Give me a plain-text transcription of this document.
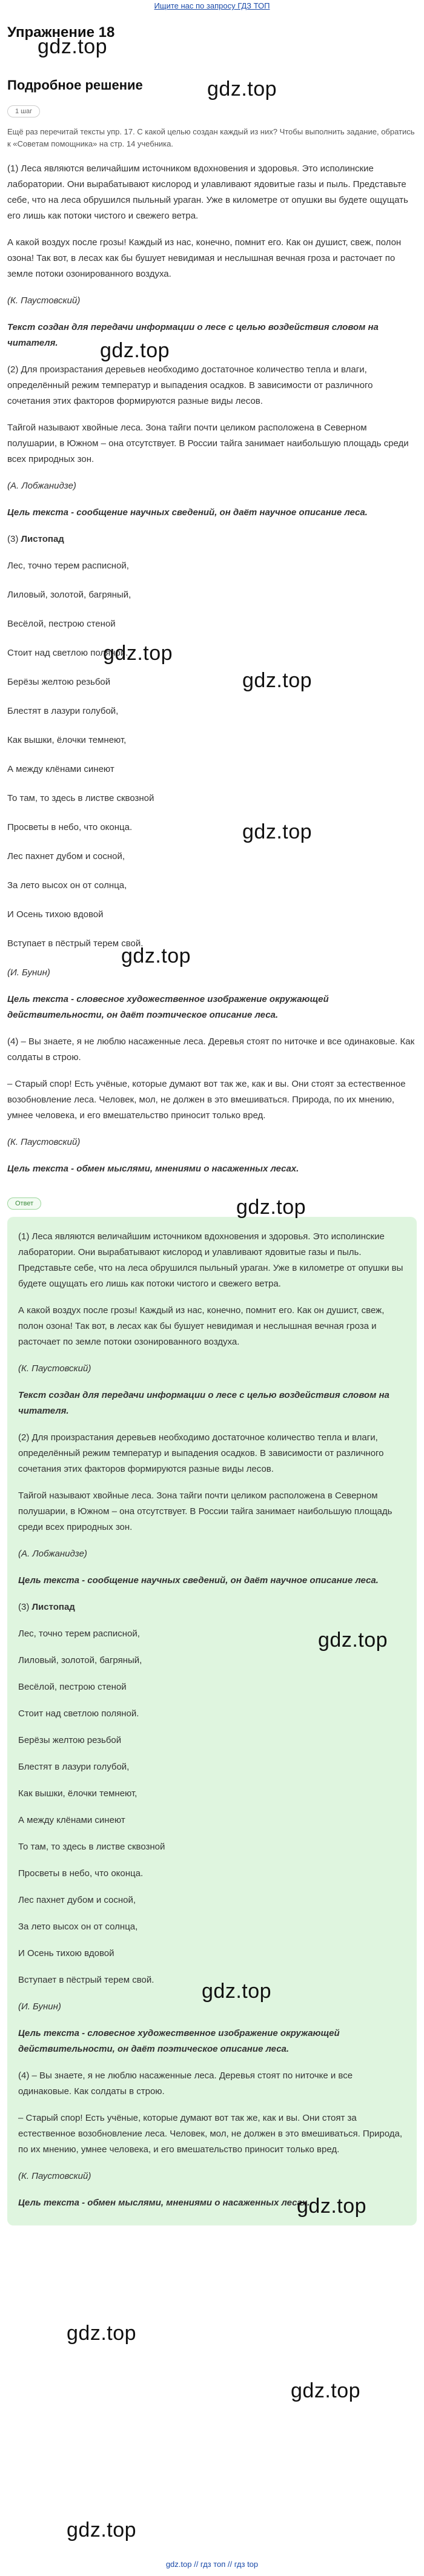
Ищите нас по запросу ГДЗ ТОП
Упражнение 18
Подробное решение
1 шаг
Ещё раз перечитай тексты упр. 17. С какой целью создан каждый из них? Чтобы выполнить задание, обратись к «Советам помощника» на стр. 14 учебника.

(1) Леса являются величайшим источником вдохновения и здоровья. Это исполинские лаборатории. Они вырабатывают кислород и улавливают ядовитые газы и пыль. Представьте себе, что на леса обрушился пыльный ураган. Уже в километре от опушки вы будете ощущать его лишь как потоки чистого и свежего ветра.

А какой воздух после грозы! Каждый из нас, конечно, помнит его. Как он душист, свеж, полон озона! Так вот, в лесах как бы бушует невидимая и неслышная вечная гроза и расточает по земле потоки озонированного воздуха.

(К. Паустовский)

Текст создан для передачи информации о лесе с целью воздействия словом на читателя.

(2) Для произрастания деревьев необходимо достаточное количество тепла и влаги, определённый режим температур и выпадения осадков. В зависимости от различного сочетания этих факторов формируются разные виды лесов.

Тайгой называют хвойные леса. Зона тайги почти целиком расположена в Северном полушарии, в Южном – она отсутствует. В России тайга занимает наибольшую площадь среди всех природных зон.

(А. Лобжанидзе)

Цель текста - сообщение научных сведений, он даёт научное описание леса.

(3) Листопад

Лес, точно терем расписной,

Лиловый, золотой, багряный,

Весёлой, пестрою стеной

Стоит над светлою поляной.

Берёзы желтою резьбой

Блестят в лазури голубой,

Как вышки, ёлочки темнеют,

А между клёнами синеют

То там, то здесь в листве сквозной

Просветы в небо, что оконца.

Лес пахнет дубом и сосной,

За лето высох он от солнца,

И Осень тихою вдовой

Вступает в пёстрый терем свой.

(И. Бунин)

Цель текста - словесное художественное изображение окружающей действительности, он даёт поэтическое описание леса.

(4) – Вы знаете, я не люблю насаженные леса. Деревья стоят по ниточке и все одинаковые. Как солдаты в строю.

– Старый спор! Есть учёные, которые думают вот так же, как и вы. Они стоят за естественное возобновление леса. Человек, мол, не должен в это вмешиваться. Природа, по их мнению, умнее человека, и его вмешательство приносит только вред.

(К. Паустовский)

Цель текста - обмен мыслями, мнениями о насаженных лесах.

Ответ

(1) Леса являются величайшим источником вдохновения и здоровья. Это исполинские лаборатории. Они вырабатывают кислород и улавливают ядовитые газы и пыль. Представьте себе, что на леса обрушился пыльный ураган. Уже в километре от опушки вы будете ощущать его лишь как потоки чистого и свежего ветра.

А какой воздух после грозы! Каждый из нас, конечно, помнит его. Как он душист, свеж, полон озона! Так вот, в лесах как бы бушует невидимая и неслышная вечная гроза и расточает по земле потоки озонированного воздуха.

(К. Паустовский)

Текст создан для передачи информации о лесе с целью воздействия словом на читателя.

(2) Для произрастания деревьев необходимо достаточное количество тепла и влаги, определённый режим температур и выпадения осадков. В зависимости от различного сочетания этих факторов формируются разные виды лесов.

Тайгой называют хвойные леса. Зона тайги почти целиком расположена в Северном полушарии, в Южном – она отсутствует. В России тайга занимает наибольшую площадь среди всех природных зон.

(А. Лобжанидзе)

Цель текста - сообщение научных сведений, он даёт научное описание леса.

(3) Листопад

Лес, точно терем расписной,

Лиловый, золотой, багряный,

Весёлой, пестрою стеной

Стоит над светлою поляной.

Берёзы желтою резьбой

Блестят в лазури голубой,

Как вышки, ёлочки темнеют,

А между клёнами синеют

То там, то здесь в листве сквозной

Просветы в небо, что оконца.

Лес пахнет дубом и сосной,

За лето высох он от солнца,

И Осень тихою вдовой

Вступает в пёстрый терем свой.

(И. Бунин)

Цель текста - словесное художественное изображение окружающей действительности, он даёт поэтическое описание леса.

(4) – Вы знаете, я не люблю насаженные леса. Деревья стоят по ниточке и все одинаковые. Как солдаты в строю.

– Старый спор! Есть учёные, которые думают вот так же, как и вы. Они стоят за естественное возобновление леса. Человек, мол, не должен в это вмешиваться. Природа, по их мнению, умнее человека, и его вмешательство приносит только вред.

(К. Паустовский)

Цель текста - обмен мыслями, мнениями о насаженных лесах.

gdz.top
gdz.top
gdz.top
gdz.top
gdz.top
gdz.top
gdz.top
gdz.top
gdz.top
gdz.top
gdz.top
gdz.top
gdz.top
gdz.top
gdz.top // гдз топ // гдз top
